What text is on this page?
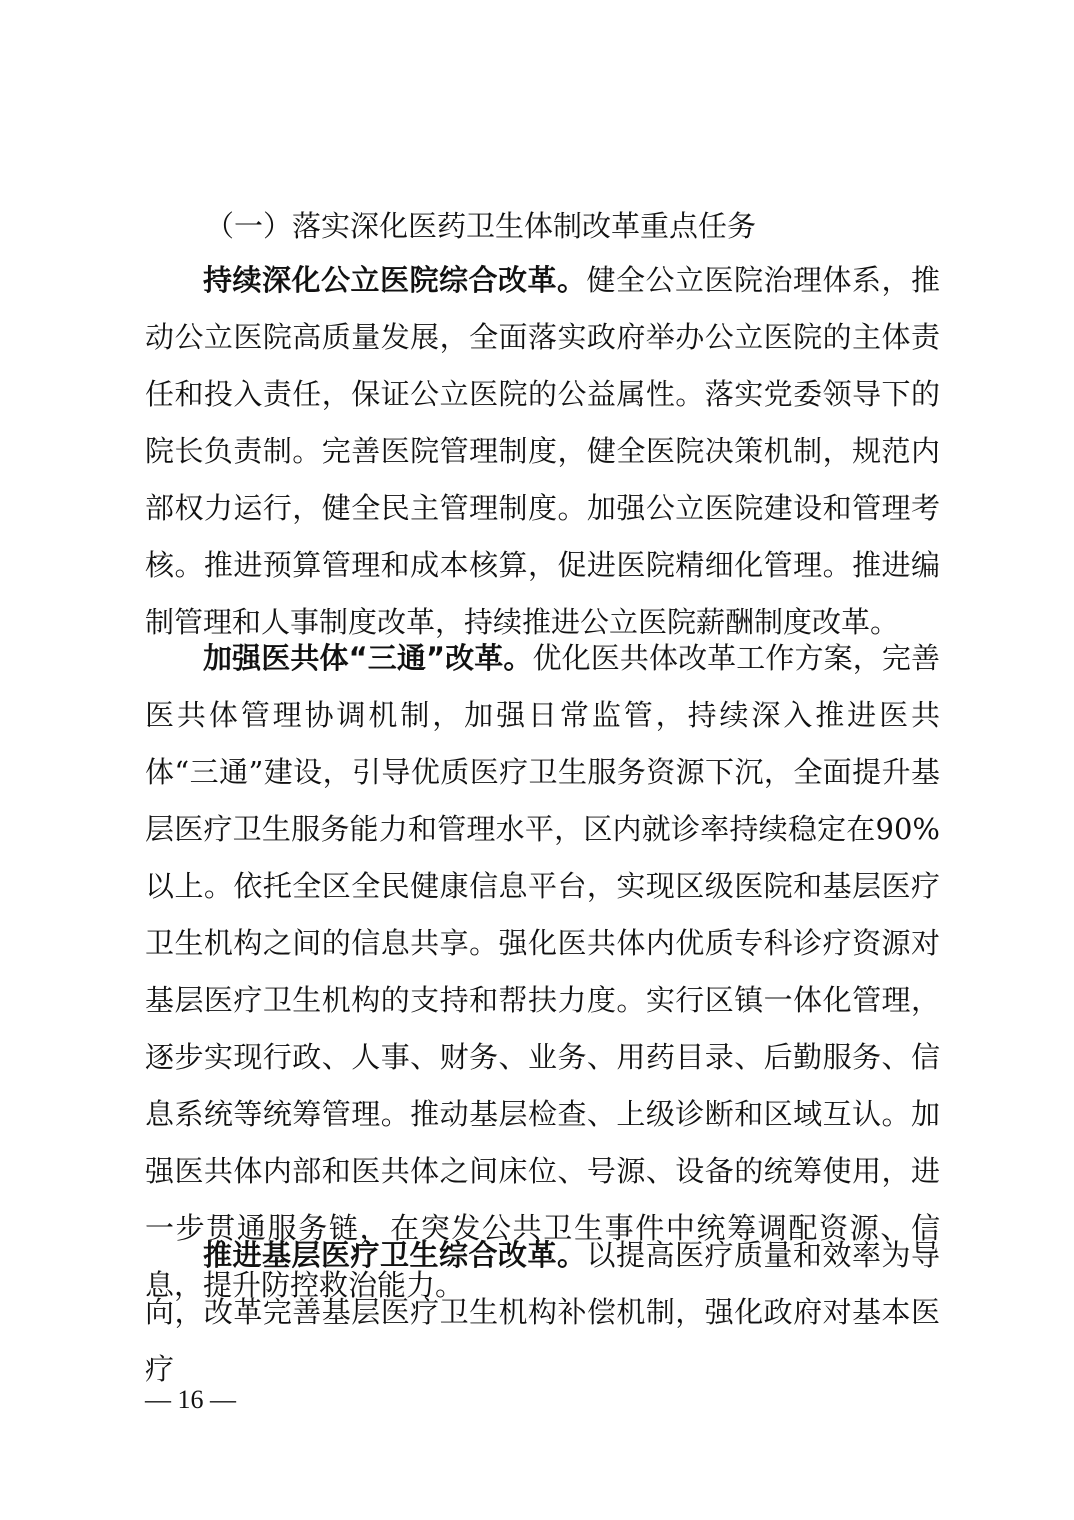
（一）落实深化医药卫生体制改革重点任务

持续深化公立医院综合改革。健全公立医院治理体系，推动公立医院高质量发展，全面落实政府举办公立医院的主体责任和投入责任，保证公立医院的公益属性。落实党委领导下的院长负责制。完善医院管理制度，健全医院决策机制，规范内部权力运行，健全民主管理制度。加强公立医院建设和管理考核。推进预算管理和成本核算，促进医院精细化管理。推进编制管理和人事制度改革，持续推进公立医院薪酬制度改革。

加强医共体“三通”改革。优化医共体改革工作方案，完善医共体管理协调机制，加强日常监管，持续深入推进医共体“三通”建设，引导优质医疗卫生服务资源下沉，全面提升基层医疗卫生服务能力和管理水平，区内就诊率持续稳定在90%以上。依托全区全民健康信息平台，实现区级医院和基层医疗卫生机构之间的信息共享。强化医共体内优质专科诊疗资源对基层医疗卫生机构的支持和帮扶力度。实行区镇一体化管理，逐步实现行政、人事、财务、业务、用药目录、后勤服务、信息系统等统筹管理。推动基层检查、上级诊断和区域互认。加强医共体内部和医共体之间床位、号源、设备的统筹使用，进一步贯通服务链，在突发公共卫生事件中统筹调配资源、信息，提升防控救治能力。

推进基层医疗卫生综合改革。以提高医疗质量和效率为导向，改革完善基层医疗卫生机构补偿机制，强化政府对基本医疗

— 16 —
